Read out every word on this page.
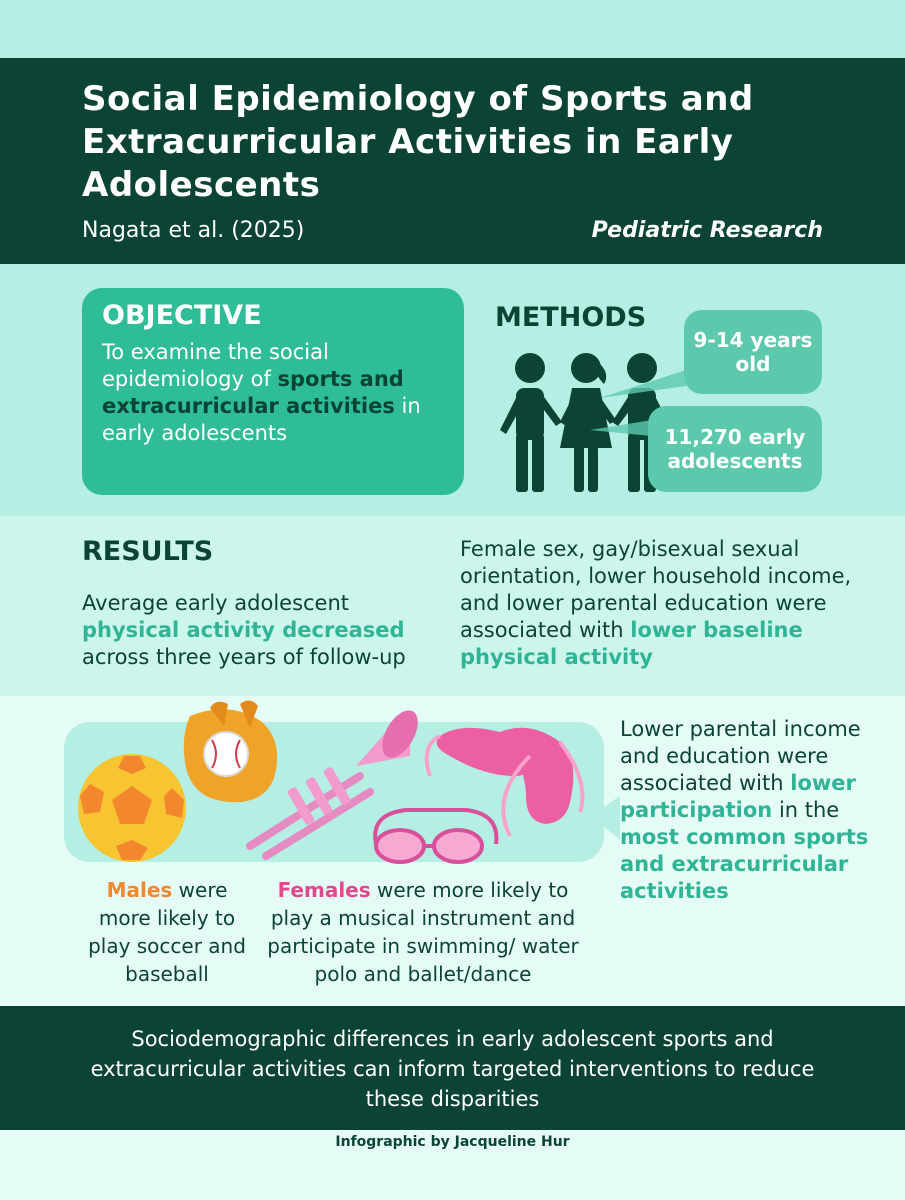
Social Epidemiology of Sports and Extracurricular Activities in Early Adolescents
Nagata et al. (2025)	Pediatric Research
OBJECTIVE
To examine the social epidemiology of sports and extracurricular activities in early adolescents
METHODS
9-14 years old
11,270 early adolescents
RESULTS
Average early adolescent physical activity decreased across three years of follow-up
Female sex, gay/bisexual sexual orientation, lower household income, and lower parental education were associated with lower baseline physical activity
Males were more likely to play soccer and baseball
Females were more likely to play a musical instrument and participate in swimming/ water polo and ballet/dance
Lower parental income and education were associated with lower participation in the most common sports and extracurricular activities
Sociodemographic differences in early adolescent sports and extracurricular activities can inform targeted interventions to reduce these disparities
Infographic by Jacqueline Hur
